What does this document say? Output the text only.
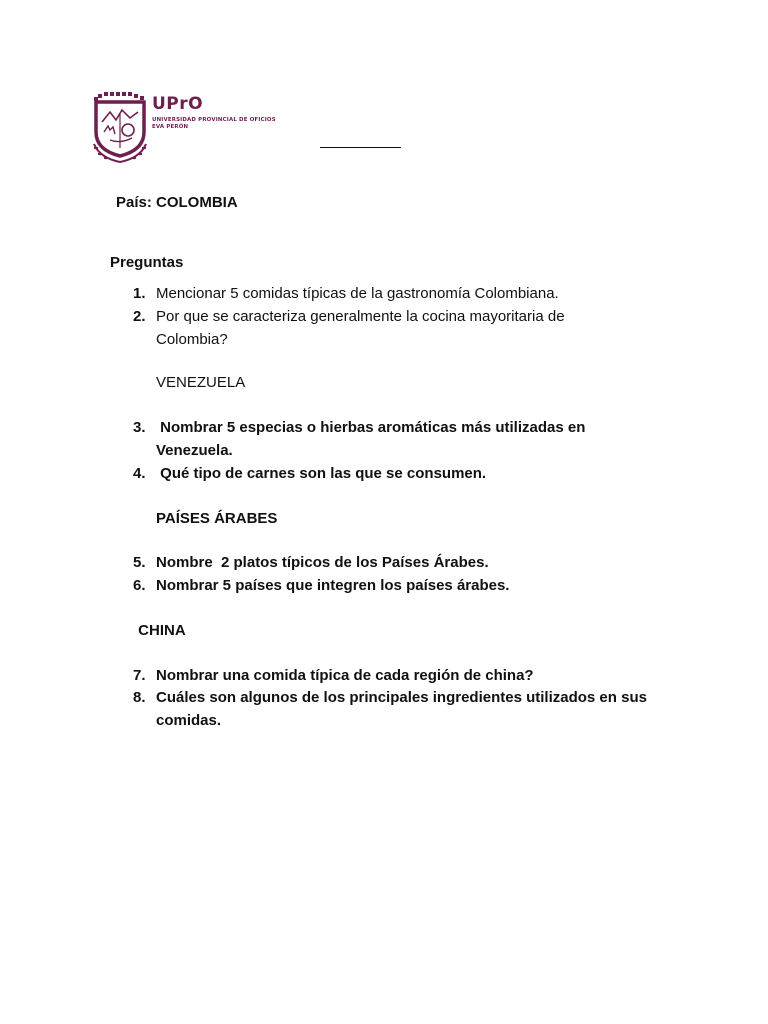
UPrO
UNIVERSIDAD PROVINCIAL DE OFICIOS
EVA PERÓN
País: COLOMBIA
Preguntas
1. Mencionar 5 comidas típicas de la gastronomía Colombiana.
2. Por que se caracteriza generalmente la cocina mayoritaria de
Colombia?
VENEZUELA
3. Nombrar 5 especias o hierbas aromáticas más utilizadas en
Venezuela.
4. Qué tipo de carnes son las que se consumen.
PAÍSES ÁRABES
5. Nombre  2 platos típicos de los Países Árabes.
6. Nombrar 5 países que integren los países árabes.
CHINA
7. Nombrar una comida típica de cada región de china?
8. Cuáles son algunos de los principales ingredientes utilizados en sus
comidas.
